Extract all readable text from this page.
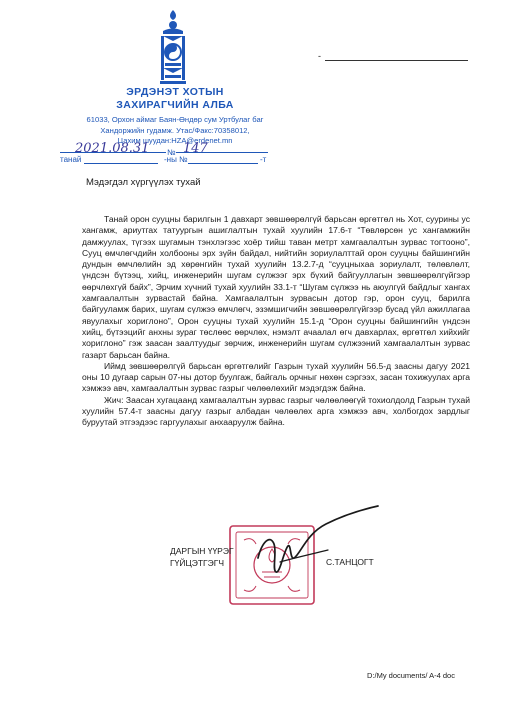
ЭРДЭНЭТ ХОТЫН
ЗАХИРАГЧИЙН АЛБА
61033, Орхон аймаг Баян-Өндөр сум Уртбулаг баг
Хандоржийн гудамж. Утас/Факс:70358012,
Цахим шуудан:HZA@erdenet.mn
-
2021.08.31 № 147
танай	-ны №	-т
Мэдэгдэл хүргүүлэх тухай

Танай орон сууцны барилгын 1 давхарт зөвшөөрөлгүй барьсан өргөтгөл нь Хот, суурины ус хангамж, ариутгах татуургын ашиглалтын тухай хуулийн 17.6-т “Төвлөрсөн ус хангамжийн дамжуулах, түгээх шугамын тэнхлэгээс хоёр тийш таван метрт хамгаалалтын зурвас тогтооно”, Сууц өмчлөгчдийн холбооны эрх зүйн байдал, нийтийн зориулалттай орон сууцны байшингийн дундын өмчлөлийн эд хөрөнгийн тухай хуулийн 13.2.7-д “сууцныхаа зориулалт, төлөвлөлт, үндсэн бүтээц, хийц, инженерийн шугам сүлжээг эрх бүхий байгууллагын зөвшөөрөлгүйгээр өөрчлөхгүй байх”, Эрчим хүчний тухай хуулийн 33.1-т “Шугам сүлжээ нь аюулгүй байдлыг хангах хамгаалалтын зурвастай байна. Хамгаалалтын зурвасын дотор гэр, орон сууц, барилга байгууламж барих, шугам сүлжээ өмчлөгч, эзэмшигчийн зөвшөөрөлгүйгээр бусад үйл ажиллагаа явуулахыг хориглоно”, Орон сууцны тухай хуулийн 15.1-д “Орон сууцны байшингийн үндсэн хийц, бүтээцийг анхны зураг төслөөс өөрчлөх, нэмэлт ачаалал өгч давхарлах, өргөтгөл хийхийг хориглоно” гэж заасан заалтуудыг зөрчиж, инженерийн шугам сүлжээний хамгаалалтын зурвас газарт барьсан байна.

Иймд зөвшөөрөлгүй барьсан өргөтгөлийг Газрын тухай хуулийн 56.5-д заасны дагуу 2021 оны 10 дугаар сарын 07-ны дотор буулгаж, байгаль орчныг нөхөн сэргээх, засан тохижуулах арга хэмжээ авч, хамгаалалтын зурвас газрыг чөлөөлөхийг мэдэгдэж байна.

Жич: Заасан хугацаанд хамгаалалтын зурвас газрыг чөлөөлөөгүй тохиолдолд Газрын тухай хуулийн 57.4-т заасны дагуу газрыг албадан чөлөөлөх арга хэмжээ авч, холбогдох зардлыг буруутай этгээдээс гаргуулахыг анхааруулж байна.

ДАРГЫН ҮҮРЭГ
ГҮЙЦЭТГЭГЧ	С.ТАНЦОГТ
D:/My documents/ A-4 doc
